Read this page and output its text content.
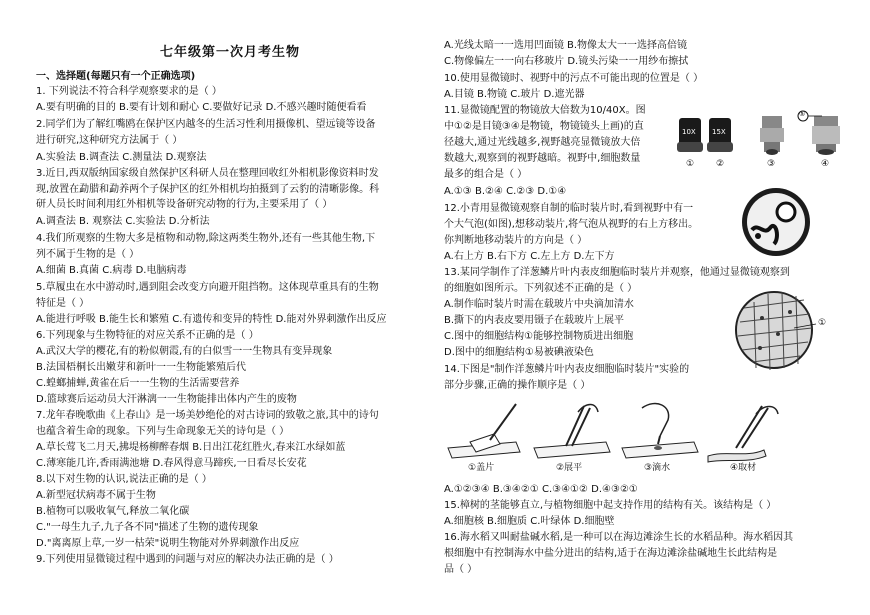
七年级第一次月考生物
一、选择题(每题只有一个正确选项)
1. 下列说法不符合科学观察要求的是（ ）
A.要有明确的目的 B.要有计划和耐心 C.要做好记录 D.不感兴趣时随便看看
2.同学们为了解红嘴鸥在保护区内越冬的生活习性利用摄像机、望远镜等设备
进行研究,这种研究方法属于（ ）
A.实验法 B.调查法 C.测量法 D.观察法
3.近日,西双版纳国家级自然保护区科研人员在整理回收红外相机影像资料时发
现,放置在勐腊和勐养两个子保护区的红外相机均拍摄到了云豹的清晰影像。科
研人员长时间利用红外相机等设备研究动物的行为,主要采用了（ ）
A.调查法 B. 观察法 C.实验法 D.分析法
4.我们所观察的生物大多是植物和动物,除这两类生物外,还有一些其他生物,下
列不属于生物的是（ ）
A.细菌 B.真菌 C.病毒 D.电脑病毒
5.草履虫在水中游动时,遇到阻会改变方向避开阻挡物。这体现草重具有的生物
特征是（ ）
A.能进行呼吸 B.能生长和繁殖 C.有遗传和变异的特性 D.能对外界刺激作出反应
6.下列现象与生物特征的对应关系不正确的是（ ）
A.武汉大学的樱花,有的粉似朝霞,有的白似雪一一生物具有变异现象
B.法国梧桐长出嫩芽和新叶一一生物能繁殖后代
C.蝗螂捕蝉,黄雀在后一一生物的生活需要营养
D.篮球赛后运动员大汗淋漓一一生物能排出体内产生的废物
7.龙年春晚歌曲《上春山》是一场美妙绝伦的对古诗词的致敬之旅,其中的诗句
也蕴含着生命的现象。下列与生命现象无关的诗句是（ ）
A.草长莺飞二月天,拂堤杨柳醉春烟 B.日出江花红胜火,春来江水绿如蓝
C.薄寒能几许,香雨满池塘 D.春风得意马蹄疾,一日看尽长安花
8.以下对生物的认识,说法正确的是（ ）
A.新型冠状病毒不属于生物
B.植物可以吸收氧气,释放二氧化碳
C."一母生九子,九子各不同"描述了生物的遗传现象
D."离离原上草,一岁一枯荣"说明生物能对外界刺激作出反应
9.下列使用显微镜过程中遇到的问题与对应的解决办法正确的是（ ）
A.光线太暗一一选用凹面镜 B.物像太大一一选择高倍镜
C.物像偏左一一向右移玻片 D.镜头污染一一用纱布擦拭
10.使用显微镜时、视野中的污点不可能出现的位置是（ ）
A.目镜 B.物镜 C.玻片 D.遮光器
11.显微镜配置的物镜放大倍数为10/40X。图
中①②是目镜③④是物镜，物镜镜头上画)的直
径越大,通过光线越多,视野越亮显微镜放大倍
数越大,观察到的视野越暗。视野中,细胞数量
最多的组合是（ ）
A.①③ B.②④ C.②③ D.①④
12.小青用显微镜观察自制的临时装片时,看到视野中有一
个大气泡(如图),想移动装片,将气泡从视野的右上方移出。
你判断地移动装片的方向是（ ）
A.右上方 B.右下方 C.左上方 D.左下方
13.某同学制作了洋葱鳞片叶内表皮细胞临时装片并观察，他通过显微镜观察到
的细胞如图所示。下列叙述不正确的是（ ）
A.制作临时装片时需在载玻片中央滴加清水
B.撕下的内表皮要用镊子在载玻片上展平
C.图中的细胞结构①能够控制物质进出细胞
D.图中的细胞结构①易被碘液染色
14.下图是"制作洋葱鳞片叶内表皮细胞临时装片"实验的
部分步骤,正确的操作顺序是（ ）
A.①②③④ B.③④②① C.③④①② D.④③②①
15.樟树的茎能够直立,与植物细胞中起支持作用的结构有关。该结构是（ ）
A.细胞核 B.细胞质 C.叶绿体 D.细胞壁
16.海水稻又叫耐盐碱水稻,是一种可以在海边滩涂生长的水稻品种。海水稻因其
根细胞中有控制海水中盐分进出的结构,适于在海边滩涂盐碱地生长此结构是
品（ ）
10X 15X
⑤
① ②	③	④
①
①盖片	②展平	③滴水	④取材
